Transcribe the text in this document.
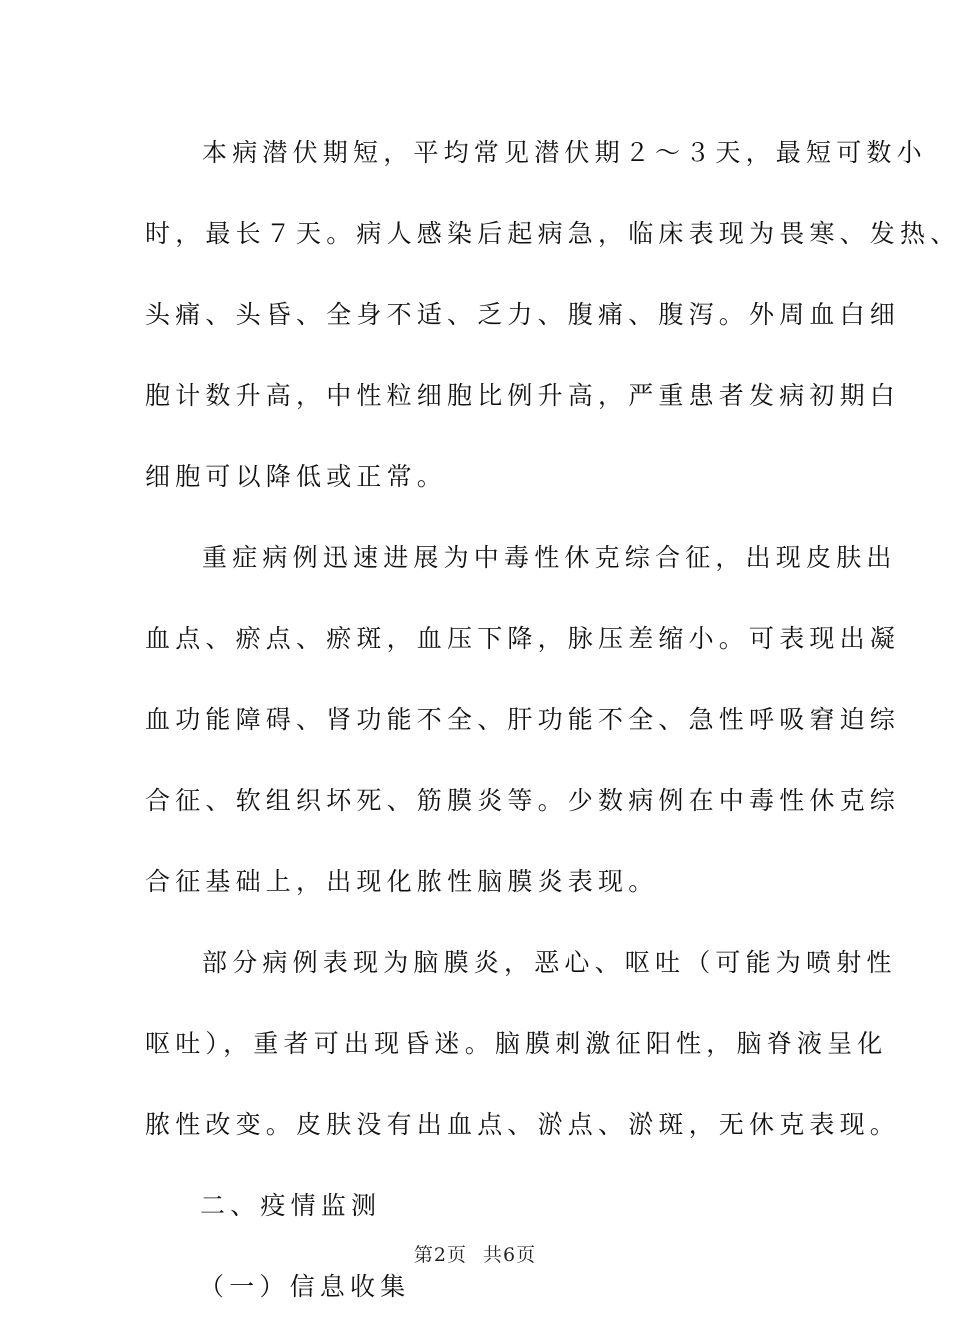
本病潜伏期短，平均常见潜伏期２～３天，最短可数小
时，最长７天。病人感染后起病急，临床表现为畏寒、发热、
头痛、头昏、全身不适、乏力、腹痛、腹泻。外周血白细
胞计数升高，中性粒细胞比例升高，严重患者发病初期白
细胞可以降低或正常。
重症病例迅速进展为中毒性休克综合征，出现皮肤出
血点、瘀点、瘀斑，血压下降，脉压差缩小。可表现出凝
血功能障碍、肾功能不全、肝功能不全、急性呼吸窘迫综
合征、软组织坏死、筋膜炎等。少数病例在中毒性休克综
合征基础上，出现化脓性脑膜炎表现。
部分病例表现为脑膜炎，恶心、呕吐（可能为喷射性
呕吐），重者可出现昏迷。脑膜刺激征阳性，脑脊液呈化
脓性改变。皮肤没有出血点、淤点、淤斑，无休克表现。
二、疫情监测
（一）信息收集
第2页 共6页
